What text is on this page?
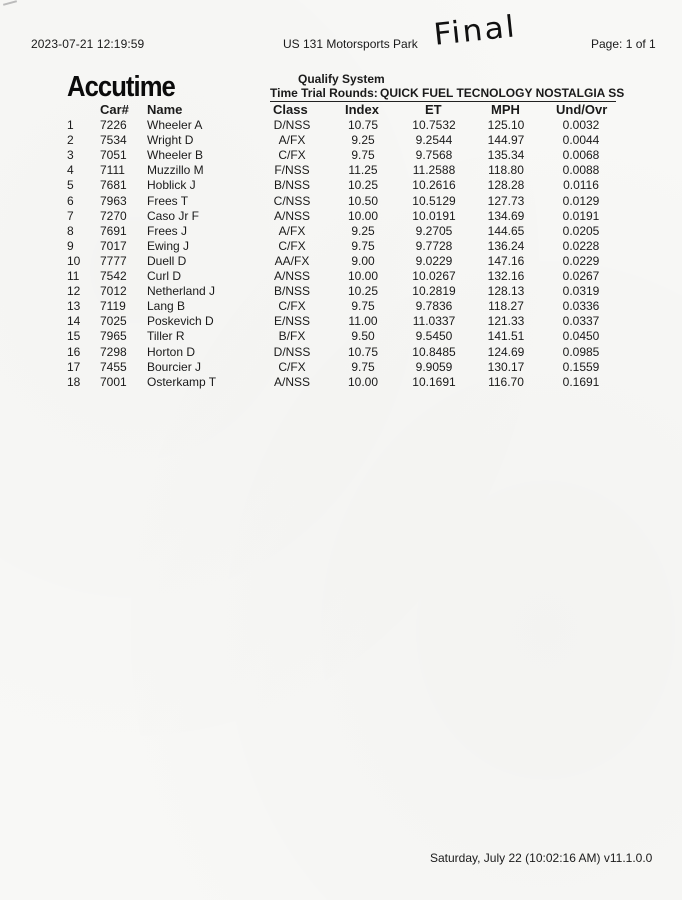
2023-07-21 12:19:59	US 131 Motorsports Park Final	Page: 1 of 1
Accutime	Qualify System
Time Trial Rounds: QUICK FUEL TECNOLOGY NOSTALGIA SS
Car# Name	Class	Index	ET	MPH	Und/Ovr
1 7226 Wheeler A	D/NSS	10.75	10.7532	125.10	0.0032
2 7534 Wright D	A/FX	9.25	9.2544	144.97	0.0044
3 7051 Wheeler B	C/FX	9.75	9.7568	135.34	0.0068
4 7111 Muzzillo M	F/NSS	11.25	11.2588	118.80	0.0088
5 7681 Hoblick J	B/NSS	10.25	10.2616	128.28	0.0116
6 7963 Frees T	C/NSS	10.50	10.5129	127.73	0.0129
7 7270 Caso Jr F	A/NSS	10.00	10.0191	134.69	0.0191
8 7691 Frees J	A/FX	9.25	9.2705	144.65	0.0205
9 7017 Ewing J	C/FX	9.75	9.7728	136.24	0.0228
10 7777 Duell D	AA/FX	9.00	9.0229	147.16	0.0229
11 7542 Curl D	A/NSS	10.00	10.0267	132.16	0.0267
12 7012 Netherland J	B/NSS	10.25	10.2819	128.13	0.0319
13 7119 Lang B	C/FX	9.75	9.7836	118.27	0.0336
14 7025 Poskevich D	E/NSS	11.00	11.0337	121.33	0.0337
15 7965 Tiller R	B/FX	9.50	9.5450	141.51	0.0450
16 7298 Horton D	D/NSS	10.75	10.8485	124.69	0.0985
17 7455 Bourcier J	C/FX	9.75	9.9059	130.17	0.1559
18 7001 Osterkamp T	A/NSS	10.00	10.1691	116.70	0.1691
Saturday, July 22 (10:02:16 AM) v11.1.0.0
